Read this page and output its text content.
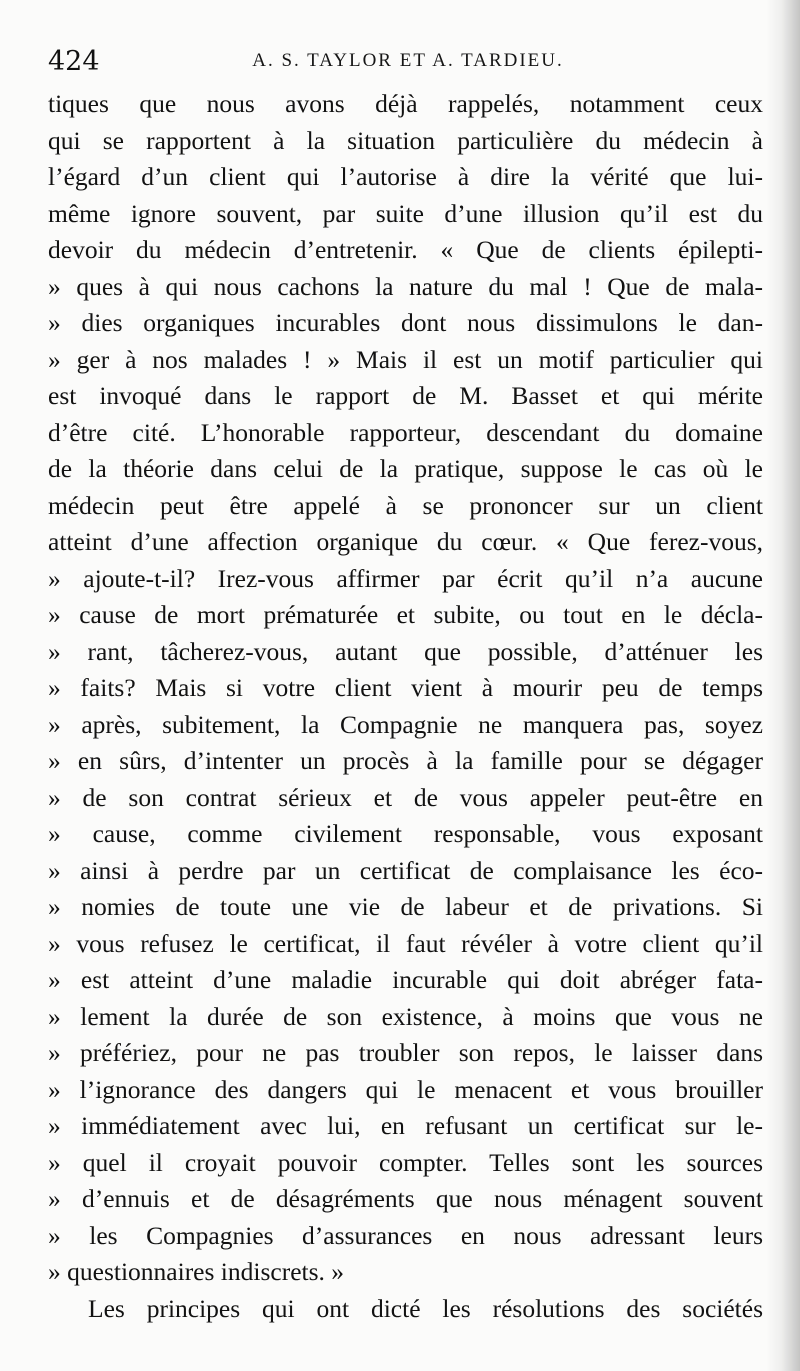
424	A. S. TAYLOR ET A. TARDIEU.
tiques que nous avons déjà rappelés, notamment ceux
qui se rapportent à la situation particulière du médecin à
l’égard d’un client qui l’autorise à dire la vérité que lui-
même ignore souvent, par suite d’une illusion qu’il est du
devoir du médecin d’entretenir. « Que de clients épilepti-
» ques à qui nous cachons la nature du mal ! Que de mala-
» dies organiques incurables dont nous dissimulons le dan-
» ger à nos malades ! » Mais il est un motif particulier qui
est invoqué dans le rapport de M. Basset et qui mérite
d’être cité. L’honorable rapporteur, descendant du domaine
de la théorie dans celui de la pratique, suppose le cas où le
médecin peut être appelé à se prononcer sur un client
atteint d’une affection organique du cœur. « Que ferez-vous,
» ajoute-t-il? Irez-vous affirmer par écrit qu’il n’a aucune
» cause de mort prématurée et subite, ou tout en le décla-
» rant, tâcherez-vous, autant que possible, d’atténuer les
» faits? Mais si votre client vient à mourir peu de temps
» après, subitement, la Compagnie ne manquera pas, soyez
» en sûrs, d’intenter un procès à la famille pour se dégager
» de son contrat sérieux et de vous appeler peut-être en
» cause, comme civilement responsable, vous exposant
» ainsi à perdre par un certificat de complaisance les éco-
» nomies de toute une vie de labeur et de privations. Si
» vous refusez le certificat, il faut révéler à votre client qu’il
» est atteint d’une maladie incurable qui doit abréger fata-
» lement la durée de son existence, à moins que vous ne
» préfériez, pour ne pas troubler son repos, le laisser dans
» l’ignorance des dangers qui le menacent et vous brouiller
» immédiatement avec lui, en refusant un certificat sur le-
» quel il croyait pouvoir compter. Telles sont les sources
» d’ennuis et de désagréments que nous ménagent souvent
» les Compagnies d’assurances en nous adressant leurs
» questionnaires indiscrets. »
Les principes qui ont dicté les résolutions des sociétés
